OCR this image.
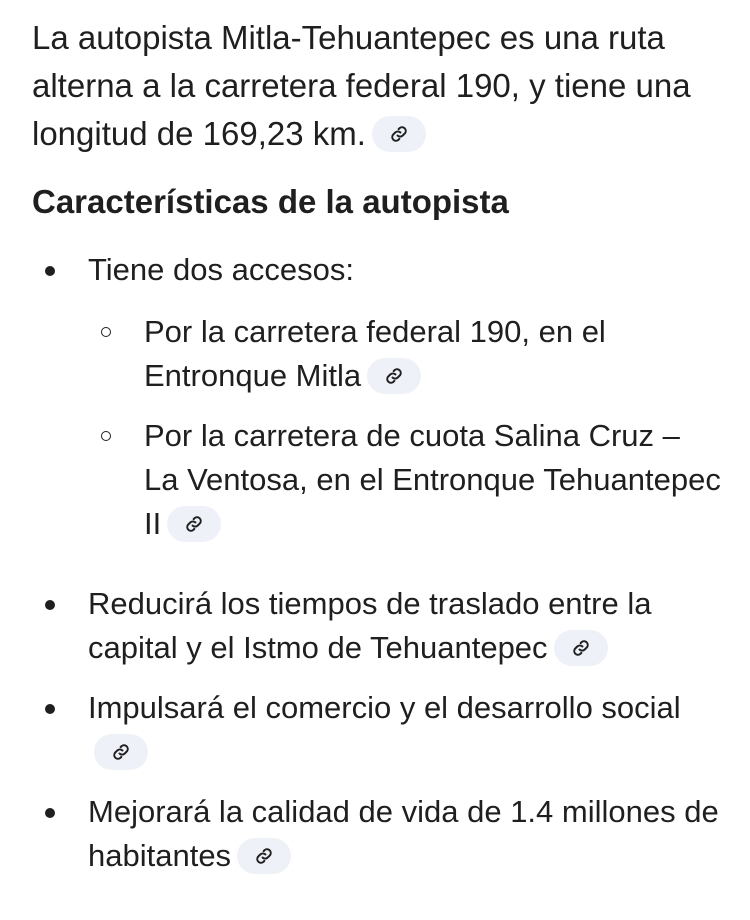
La autopista Mitla-Tehuantepec es una ruta alterna a la carretera federal 190, y tiene una longitud de 169,23 km.

Características de la autopista
Tiene dos accesos:
Por la carretera federal 190, en el Entronque Mitla
Por la carretera de cuota Salina Cruz – La Ventosa, en el Entronque Tehuantepec II
Reducirá los tiempos de traslado entre la capital y el Istmo de Tehuantepec
Impulsará el comercio y el desarrollo social
Mejorará la calidad de vida de 1.4 millones de habitantes
